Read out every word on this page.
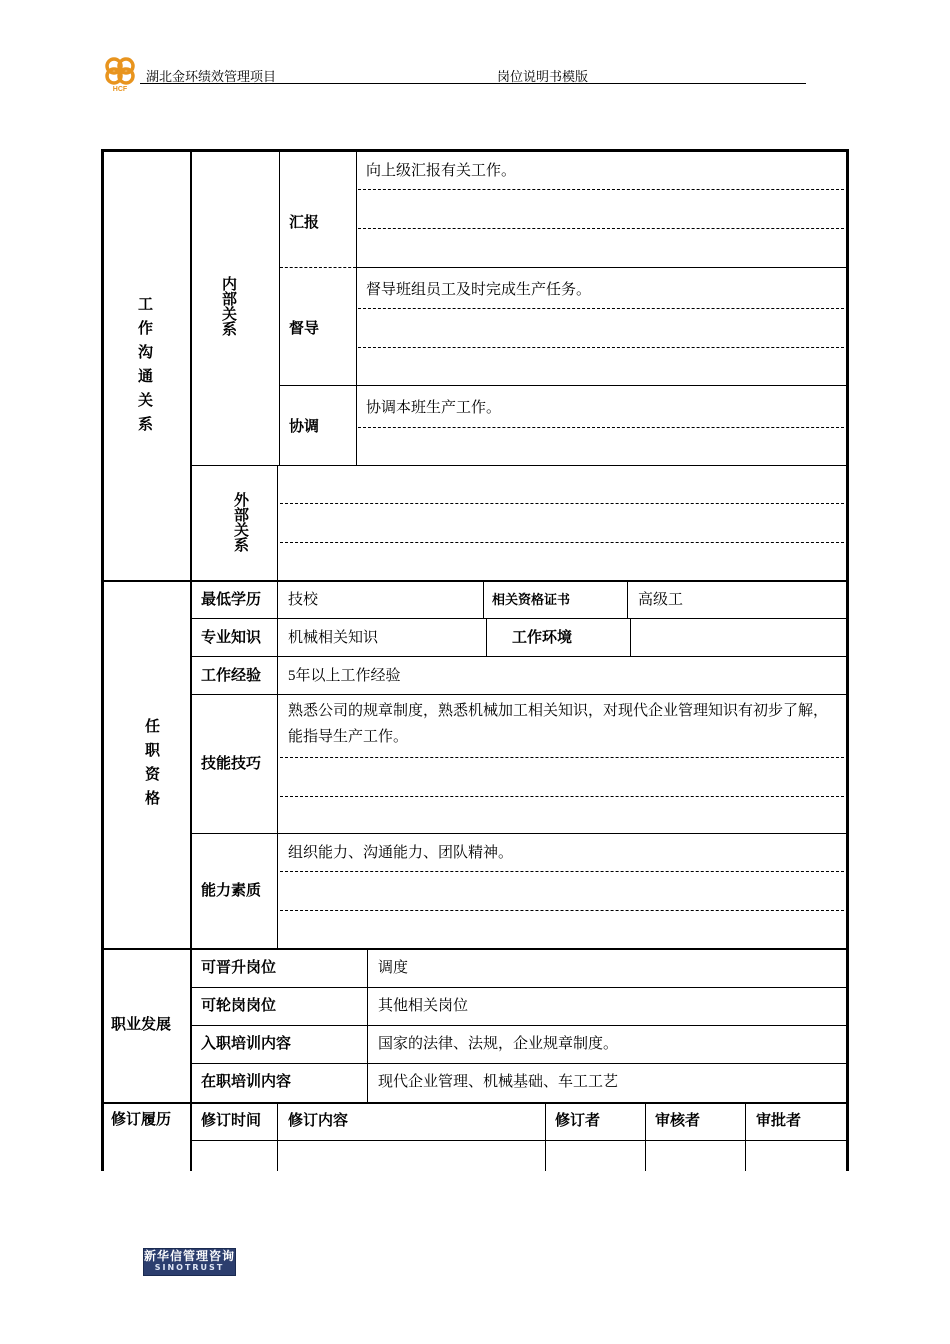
HCF
湖北金环绩效管理项目	岗位说明书模版
工作沟通关系	内部关系
外部关系
汇报
向上级汇报有关工作。
督导
督导班组员工及时完成生产任务。
协调
协调本班生产工作。
任职资格
最低学历 技校	相关资格证书	高级工
专业知识 机械相关知识	工作环境
工作经验 5年以上工作经验
技能技巧
熟悉公司的规章制度，熟悉机械加工相关知识，对现代企业管理知识有初步了解，能指导生产工作。
能力素质
组织能力、沟通能力、团队精神。
职业发展
可晋升岗位	调度
可轮岗岗位	其他相关岗位
入职培训内容	国家的法律、法规，企业规章制度。
在职培训内容	现代企业管理、机械基础、车工工艺
修订履历 修订时间 修订内容	修订者	审核者	审批者
新华信管理咨询
SINOTRUST
